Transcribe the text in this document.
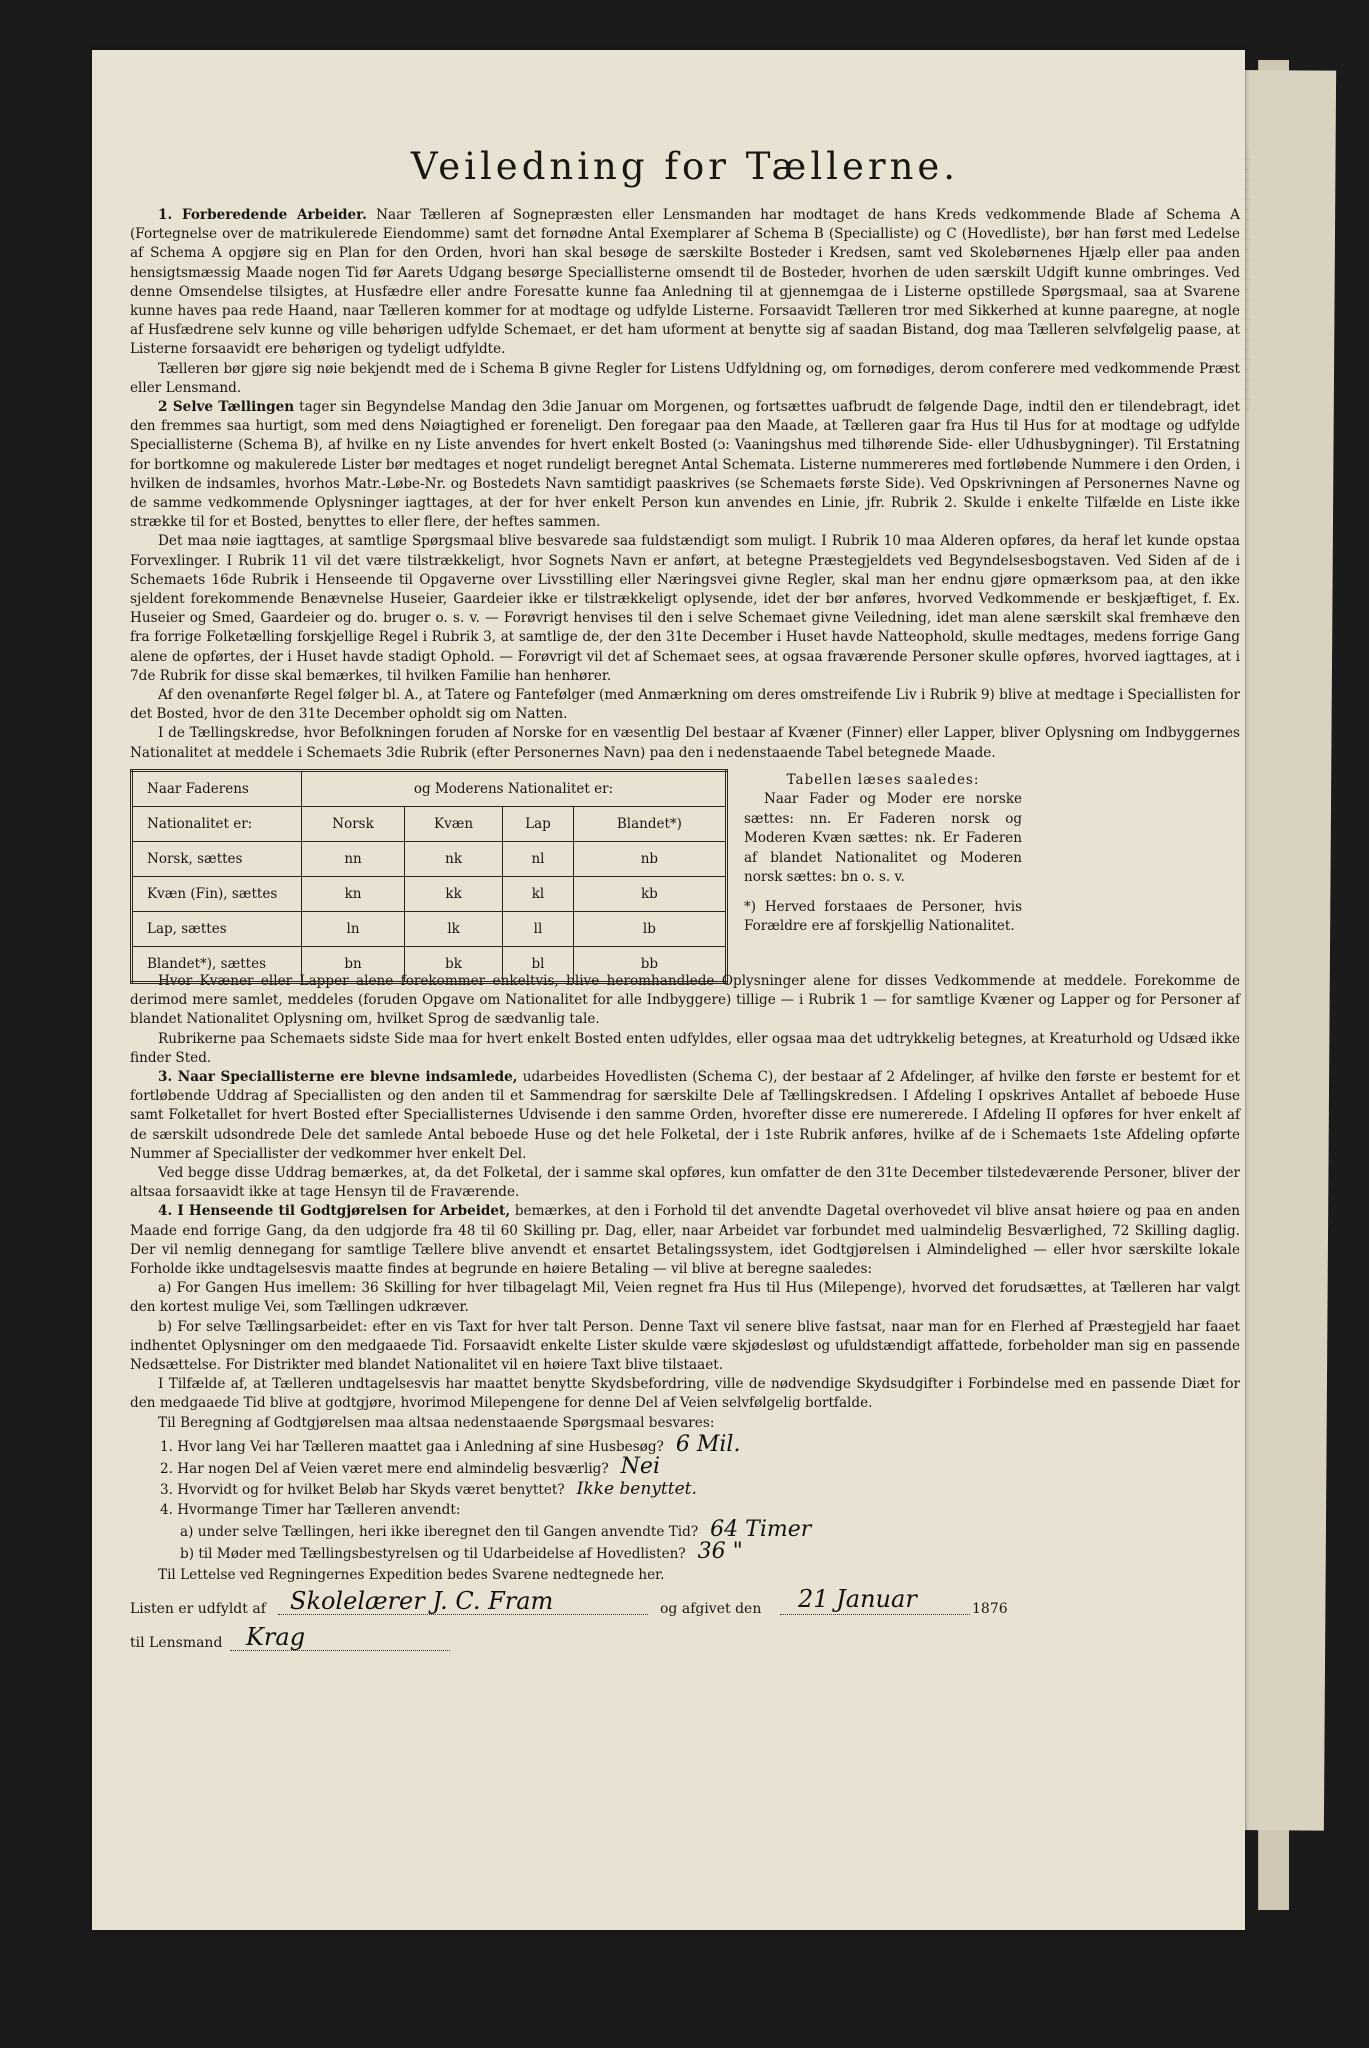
Veiledning for Tællerne.

1. Forberedende Arbeider. Naar Tælleren af Sognepræsten eller Lensmanden har modtaget de hans Kreds vedkommende Blade af Schema A (Fortegnelse over de matrikulerede Eiendomme) samt det fornødne Antal Exemplarer af Schema B (Specialliste) og C (Hovedliste), bør han først med Ledelse af Schema A opgjøre sig en Plan for den Orden, hvori han skal besøge de særskilte Bosteder i Kredsen, samt ved Skolebørnenes Hjælp eller paa anden hensigtsmæssig Maade nogen Tid før Aarets Udgang besørge Speciallisterne omsendt til de Bosteder, hvorhen de uden særskilt Udgift kunne ombringes. Ved denne Omsendelse tilsigtes, at Husfædre eller andre Foresatte kunne faa Anledning til at gjennemgaa de i Listerne opstillede Spørgsmaal, saa at Svarene kunne haves paa rede Haand, naar Tælleren kommer for at modtage og udfylde Listerne. Forsaavidt Tælleren tror med Sikkerhed at kunne paaregne, at nogle af Husfædrene selv kunne og ville behørigen udfylde Schemaet, er det ham uforment at benytte sig af saadan Bistand, dog maa Tælleren selvfølgelig paase, at Listerne forsaavidt ere behørigen og tydeligt udfyldte.

Tælleren bør gjøre sig nøie bekjendt med de i Schema B givne Regler for Listens Udfyldning og, om fornødiges, derom conferere med vedkommende Præst eller Lensmand.

2 Selve Tællingen tager sin Begyndelse Mandag den 3die Januar om Morgenen, og fortsættes uafbrudt de følgende Dage, indtil den er tilendebragt, idet den fremmes saa hurtigt, som med dens Nøiagtighed er foreneligt. Den foregaar paa den Maade, at Tælleren gaar fra Hus til Hus for at modtage og udfylde Speciallisterne (Schema B), af hvilke en ny Liste anvendes for hvert enkelt Bosted (ɔ: Vaaningshus med tilhørende Side- eller Udhusbygninger). Til Erstatning for bortkomne og makulerede Lister bør medtages et noget rundeligt beregnet Antal Schemata. Listerne nummereres med fortløbende Nummere i den Orden, i hvilken de indsamles, hvorhos Matr.-Løbe-Nr. og Bostedets Navn samtidigt paaskrives (se Schemaets første Side). Ved Opskrivningen af Personernes Navne og de samme vedkommende Oplysninger iagttages, at der for hver enkelt Person kun anvendes en Linie, jfr. Rubrik 2. Skulde i enkelte Tilfælde en Liste ikke strække til for et Bosted, benyttes to eller flere, der heftes sammen.

Det maa nøie iagttages, at samtlige Spørgsmaal blive besvarede saa fuldstændigt som muligt. I Rubrik 10 maa Alderen opføres, da heraf let kunde opstaa Forvexlinger. I Rubrik 11 vil det være tilstrækkeligt, hvor Sognets Navn er anført, at betegne Præstegjeldets ved Begyndelsesbogstaven. Ved Siden af de i Schemaets 16de Rubrik i Henseende til Opgaverne over Livsstilling eller Næringsvei givne Regler, skal man her endnu gjøre opmærksom paa, at den ikke sjeldent forekommende Benævnelse Huseier, Gaardeier ikke er tilstrækkeligt oplysende, idet der bør anføres, hvorved Vedkommende er beskjæftiget, f. Ex. Huseier og Smed, Gaardeier og do. bruger o. s. v. — Forøvrigt henvises til den i selve Schemaet givne Veiledning, idet man alene særskilt skal fremhæve den fra forrige Folketælling forskjellige Regel i Rubrik 3, at samtlige de, der den 31te December i Huset havde Natteophold, skulle medtages, medens forrige Gang alene de opførtes, der i Huset havde stadigt Ophold. — Forøvrigt vil det af Schemaet sees, at ogsaa fraværende Personer skulle opføres, hvorved iagttages, at i 7de Rubrik for disse skal bemærkes, til hvilken Familie han henhører.

Af den ovenanførte Regel følger bl. A., at Tatere og Fantefølger (med Anmærkning om deres omstreifende Liv i Rubrik 9) blive at medtage i Speciallisten for det Bosted, hvor de den 31te December opholdt sig om Natten.

I de Tællingskredse, hvor Befolkningen foruden af Norske for en væsentlig Del bestaar af Kvæner (Finner) eller Lapper, bliver Oplysning om Indbyggernes Nationalitet at meddele i Schemaets 3die Rubrik (efter Personernes Navn) paa den i nedenstaaende Tabel betegnede Maade.

Naar Faderens	og Moderens Nationalitet er:			
Nationalitet er:	Norsk	Kvæn	Lap	Blandet*)
Norsk, sættes	nn	nk	nl	nb
Kvæn (Fin), sættes	kn	kk	kl	kb
Lap, sættes	ln	lk	ll	lb
Blandet*), sættes	bn	bk	bl	bb
Tabellen læses saaledes:
Naar Fader og Moder ere norske sættes: nn. Er Faderen norsk og Moderen Kvæn sættes: nk. Er Faderen af blandet Nationalitet og Moderen norsk sættes: bn o. s. v.
*) Herved forstaaes de Personer, hvis Forældre ere af forskjellig Nationalitet.

Hvor Kvæner eller Lapper alene forekommer enkeltvis, blive heromhandlede Oplysninger alene for disses Vedkommende at meddele. Forekomme de derimod mere samlet, meddeles (foruden Opgave om Nationalitet for alle Indbyggere) tillige — i Rubrik 1 — for samtlige Kvæner og Lapper og for Personer af blandet Nationalitet Oplysning om, hvilket Sprog de sædvanlig tale.

Rubrikerne paa Schemaets sidste Side maa for hvert enkelt Bosted enten udfyldes, eller ogsaa maa det udtrykkelig betegnes, at Kreaturhold og Udsæd ikke finder Sted.

3. Naar Speciallisterne ere blevne indsamlede, udarbeides Hovedlisten (Schema C), der bestaar af 2 Afdelinger, af hvilke den første er bestemt for et fortløbende Uddrag af Speciallisten og den anden til et Sammendrag for særskilte Dele af Tællingskredsen. I Afdeling I opskrives Antallet af beboede Huse samt Folketallet for hvert Bosted efter Speciallisternes Udvisende i den samme Orden, hvorefter disse ere numererede. I Afdeling II opføres for hver enkelt af de særskilt udsondrede Dele det samlede Antal beboede Huse og det hele Folketal, der i 1ste Rubrik anføres, hvilke af de i Schemaets 1ste Afdeling opførte Nummer af Speciallister der vedkommer hver enkelt Del.

Ved begge disse Uddrag bemærkes, at, da det Folketal, der i samme skal opføres, kun omfatter de den 31te December tilstedeværende Personer, bliver der altsaa forsaavidt ikke at tage Hensyn til de Fraværende.

4. I Henseende til Godtgjørelsen for Arbeidet, bemærkes, at den i Forhold til det anvendte Dagetal overhovedet vil blive ansat høiere og paa en anden Maade end forrige Gang, da den udgjorde fra 48 til 60 Skilling pr. Dag, eller, naar Arbeidet var forbundet med ualmindelig Besværlighed, 72 Skilling daglig. Der vil nemlig dennegang for samtlige Tællere blive anvendt et ensartet Betalingssystem, idet Godtgjørelsen i Almindelighed — eller hvor særskilte lokale Forholde ikke undtagelsesvis maatte findes at begrunde en høiere Betaling — vil blive at beregne saaledes:

a) For Gangen Hus imellem: 36 Skilling for hver tilbagelagt Mil, Veien regnet fra Hus til Hus (Milepenge), hvorved det forudsættes, at Tælleren har valgt den kortest mulige Vei, som Tællingen udkræver.

b) For selve Tællingsarbeidet: efter en vis Taxt for hver talt Person. Denne Taxt vil senere blive fastsat, naar man for en Flerhed af Præstegjeld har faaet indhentet Oplysninger om den medgaaede Tid. Forsaavidt enkelte Lister skulde være skjødesløst og ufuldstændigt affattede, forbeholder man sig en passende Nedsættelse. For Distrikter med blandet Nationalitet vil en høiere Taxt blive tilstaaet.

I Tilfælde af, at Tælleren undtagelsesvis har maattet benytte Skydsbefordring, ville de nødvendige Skydsudgifter i Forbindelse med en passende Diæt for den medgaaede Tid blive at godtgjøre, hvorimod Milepengene for denne Del af Veien selvfølgelig bortfalde.

Til Beregning af Godtgjørelsen maa altsaa nedenstaaende Spørgsmaal besvares:

1. Hvor lang Vei har Tælleren maattet gaa i Anledning af sine Husbesøg? 6 Mil.
2. Har nogen Del af Veien været mere end almindelig besværlig? Nei
3. Hvorvidt og for hvilket Beløb har Skyds været benyttet? Ikke benyttet.
4. Hvormange Timer har Tælleren anvendt:
a) under selve Tællingen, heri ikke iberegnet den til Gangen anvendte Tid? 64 Timer
b) til Møder med Tællingsbestyrelsen og til Udarbeidelse af Hovedlisten? 36 "

Til Lettelse ved Regningernes Expedition bedes Svarene nedtegnede her.

Listen er udfyldt af Skolelærer J. C. Fram	og afgivet den 21 Januar	1876
til Lensmand Krag
